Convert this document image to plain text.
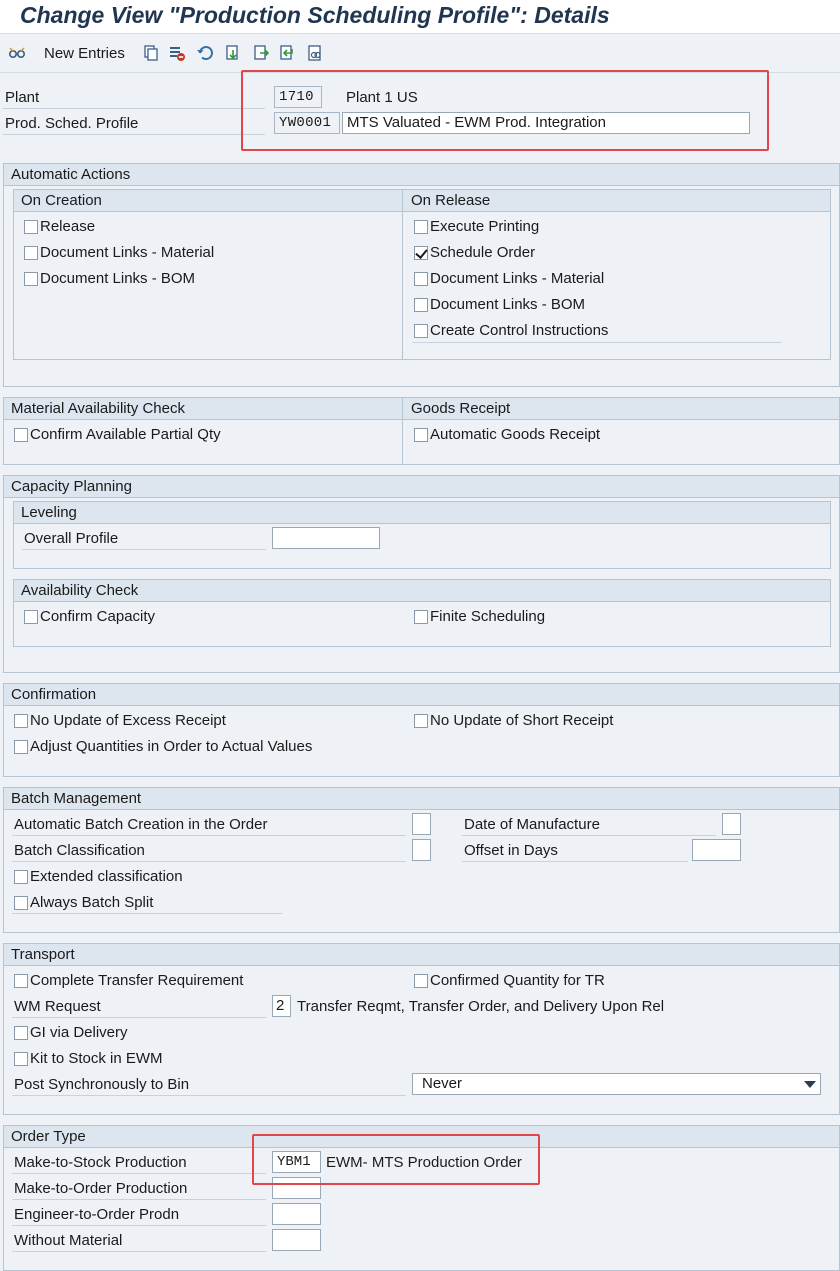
Change View "Production Scheduling Profile": Details
New Entries
Plant	1710	Plant 1 US
Prod. Sched. Profile	YW0001	MTS Valuated - EWM Prod. Integration
Automatic Actions
On Creation	On Release
Release
Document Links - Material
Document Links - BOM
Execute Printing
Schedule Order
Document Links - Material
Document Links - BOM
Create Control Instructions
Material Availability Check	Goods Receipt
Confirm Available Partial Qty	Automatic Goods Receipt
Capacity Planning
Leveling
Overall Profile
Availability Check
Confirm Capacity	Finite Scheduling
Confirmation
No Update of Excess Receipt	No Update of Short Receipt
Adjust Quantities in Order to Actual Values
Batch Management
Automatic Batch Creation in the Order	Date of Manufacture
Batch Classification	Offset in Days
Extended classification
Always Batch Split
Transport
Complete Transfer Requirement	Confirmed Quantity for TR
WM Request	2 Transfer Reqmt, Transfer Order, and Delivery Upon Rel
GI via Delivery
Kit to Stock in EWM
Post Synchronously to Bin	Never
Order Type
Make-to-Stock Production	YBM1	EWM- MTS Production Order
Make-to-Order Production
Engineer-to-Order Prodn
Without Material
